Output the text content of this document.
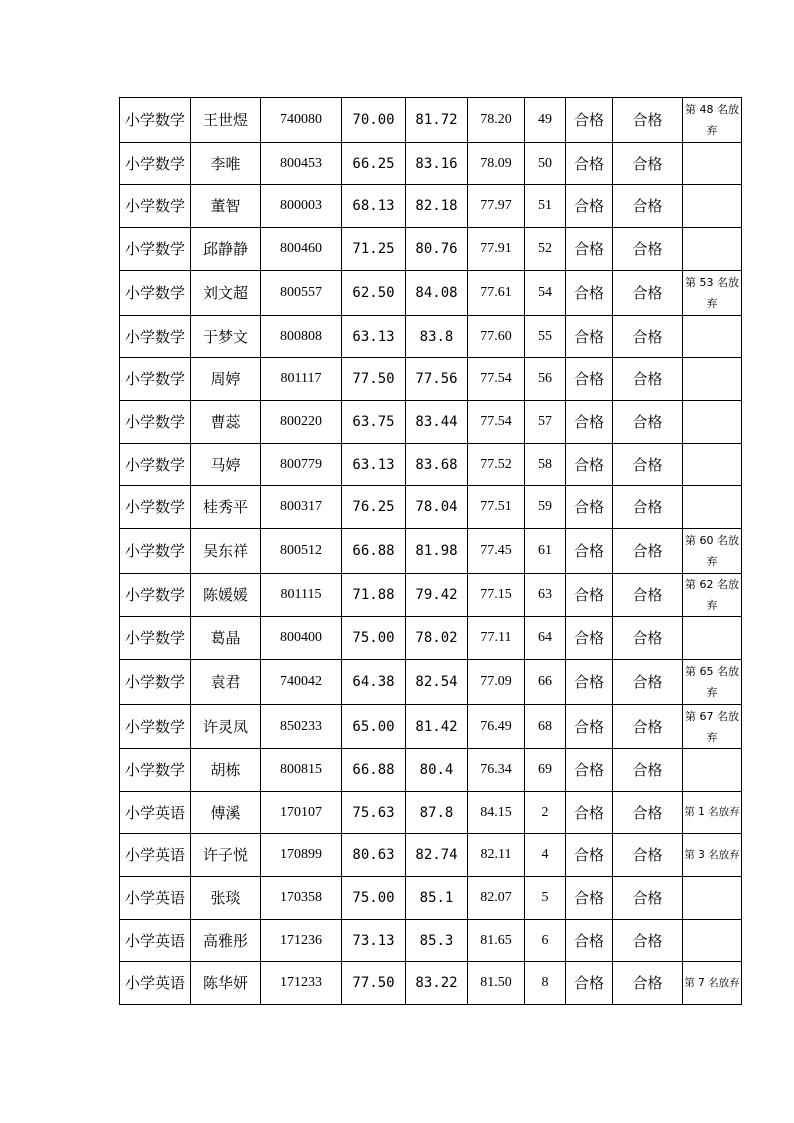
小学数学	王世煜	740080	70.00	81.72	78.20	49	合格	合格	第 48 名放弃
小学数学	李唯	800453	66.25	83.16	78.09	50	合格	合格	
小学数学	董智	800003	68.13	82.18	77.97	51	合格	合格	
小学数学	邱静静	800460	71.25	80.76	77.91	52	合格	合格	
小学数学	刘文超	800557	62.50	84.08	77.61	54	合格	合格	第 53 名放弃
小学数学	于梦文	800808	63.13	83.8	77.60	55	合格	合格	
小学数学	周婷	801117	77.50	77.56	77.54	56	合格	合格	
小学数学	曹蕊	800220	63.75	83.44	77.54	57	合格	合格	
小学数学	马婷	800779	63.13	83.68	77.52	58	合格	合格	
小学数学	桂秀平	800317	76.25	78.04	77.51	59	合格	合格	
小学数学	吴东祥	800512	66.88	81.98	77.45	61	合格	合格	第 60 名放弃
小学数学	陈媛媛	801115	71.88	79.42	77.15	63	合格	合格	第 62 名放弃
小学数学	葛晶	800400	75.00	78.02	77.11	64	合格	合格	
小学数学	袁君	740042	64.38	82.54	77.09	66	合格	合格	第 65 名放弃
小学数学	许灵凤	850233	65.00	81.42	76.49	68	合格	合格	第 67 名放弃
小学数学	胡栋	800815	66.88	80.4	76.34	69	合格	合格	
小学英语	傅溪	170107	75.63	87.8	84.15	2	合格	合格	第 1 名放弃
小学英语	许子悦	170899	80.63	82.74	82.11	4	合格	合格	第 3 名放弃
小学英语	张琰	170358	75.00	85.1	82.07	5	合格	合格	
小学英语	高雅彤	171236	73.13	85.3	81.65	6	合格	合格	
小学英语	陈华妍	171233	77.50	83.22	81.50	8	合格	合格	第 7 名放弃
